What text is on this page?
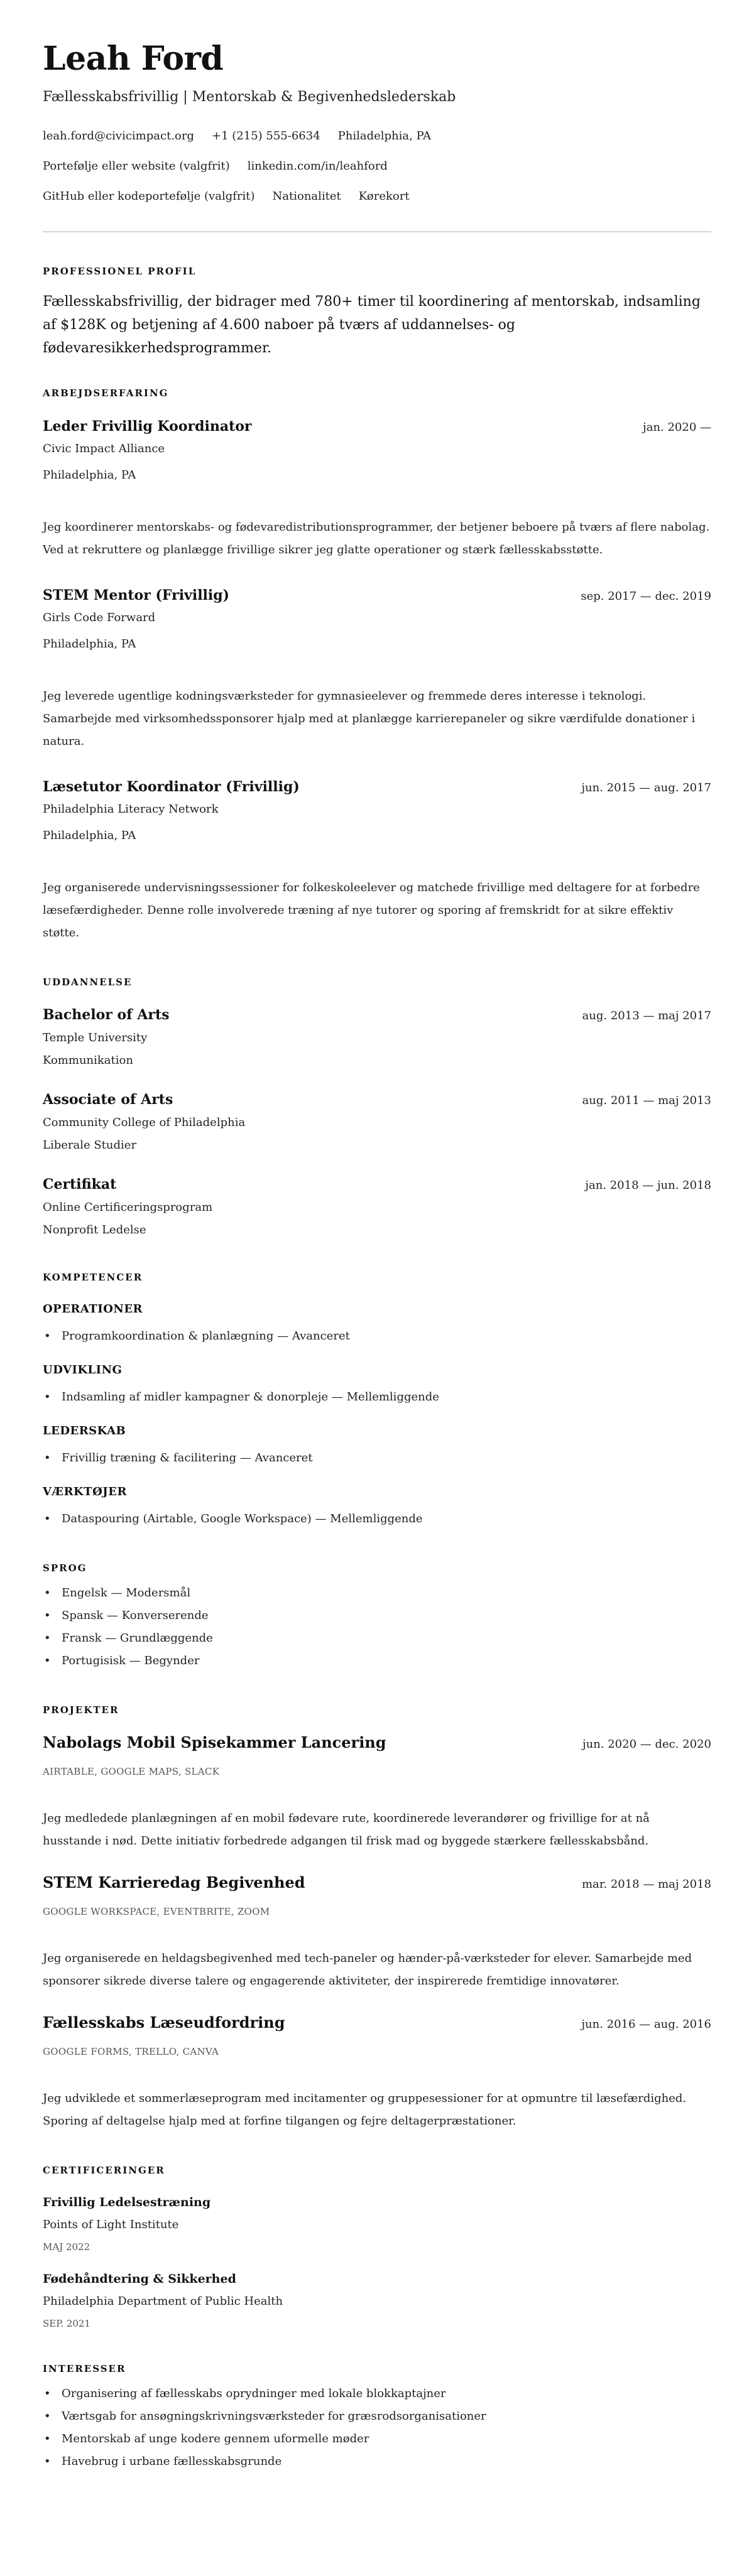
Leah Ford
Fællesskabsfrivillig | Mentorskab & Begivenhedslederskab
leah.ford@civicimpact.org +1 (215) 555-6634 Philadelphia, PA
Portefølje eller website (valgfrit) linkedin.com/in/leahford
GitHub eller kodeportefølje (valgfrit) Nationalitet Kørekort
PROFESSIONEL PROFIL
Fællesskabsfrivillig, der bidrager med 780+ timer til koordinering af mentorskab, indsamling af $128K og betjening af 4.600 naboer på tværs af uddannelses- og fødevaresikkerhedsprogrammer.
ARBEJDSERFARING
Leder Frivillig Koordinator	jan. 2020 —
Civic Impact Alliance
Philadelphia, PA
Jeg koordinerer mentorskabs- og fødevaredistributionsprogrammer, der betjener beboere på tværs af flere nabolag. Ved at rekruttere og planlægge frivillige sikrer jeg glatte operationer og stærk fællesskabsstøtte.
STEM Mentor (Frivillig)	sep. 2017 — dec. 2019
Girls Code Forward
Philadelphia, PA
Jeg leverede ugentlige kodningsværksteder for gymnasieelever og fremmede deres interesse i teknologi. Samarbejde med virksomhedssponsorer hjalp med at planlægge karrierepaneler og sikre værdifulde donationer i natura.
Læsetutor Koordinator (Frivillig)	jun. 2015 — aug. 2017
Philadelphia Literacy Network
Philadelphia, PA
Jeg organiserede undervisningssessioner for folkeskoleelever og matchede frivillige med deltagere for at forbedre læsefærdigheder. Denne rolle involverede træning af nye tutorer og sporing af fremskridt for at sikre effektiv støtte.
UDDANNELSE
Bachelor of Arts	aug. 2013 — maj 2017
Temple University
Kommunikation
Associate of Arts	aug. 2011 — maj 2013
Community College of Philadelphia
Liberale Studier
Certifikat	jan. 2018 — jun. 2018
Online Certificeringsprogram
Nonprofit Ledelse
KOMPETENCER
OPERATIONER
• Programkoordination & planlægning — Avanceret
UDVIKLING
• Indsamling af midler kampagner & donorpleje — Mellemliggende
LEDERSKAB
• Frivillig træning & facilitering — Avanceret
VÆRKTØJER
• Dataspouring (Airtable, Google Workspace) — Mellemliggende
SPROG
• Engelsk — Modersmål
• Spansk — Konverserende
• Fransk — Grundlæggende
• Portugisisk — Begynder
PROJEKTER
Nabolags Mobil Spisekammer Lancering	jun. 2020 — dec. 2020
AIRTABLE, GOOGLE MAPS, SLACK
Jeg medledede planlægningen af en mobil fødevare rute, koordinerede leverandører og frivillige for at nå husstande i nød. Dette initiativ forbedrede adgangen til frisk mad og byggede stærkere fællesskabsbånd.
STEM Karrieredag Begivenhed	mar. 2018 — maj 2018
GOOGLE WORKSPACE, EVENTBRITE, ZOOM
Jeg organiserede en heldagsbegivenhed med tech-paneler og hænder-på-værksteder for elever. Samarbejde med sponsorer sikrede diverse talere og engagerende aktiviteter, der inspirerede fremtidige innovatører.
Fællesskabs Læseudfordring	jun. 2016 — aug. 2016
GOOGLE FORMS, TRELLO, CANVA
Jeg udviklede et sommerlæseprogram med incitamenter og gruppesessioner for at opmuntre til læsefærdighed. Sporing af deltagelse hjalp med at forfine tilgangen og fejre deltagerpræstationer.
CERTIFICERINGER
Frivillig Ledelsestræning
Points of Light Institute
MAJ 2022
Fødehåndtering & Sikkerhed
Philadelphia Department of Public Health
SEP. 2021
INTERESSER
• Organisering af fællesskabs oprydninger med lokale blokkaptajner
• Værtsgab for ansøgningskrivningsværksteder for græsrodsorganisationer
• Mentorskab af unge kodere gennem uformelle møder
• Havebrug i urbane fællesskabsgrunde
